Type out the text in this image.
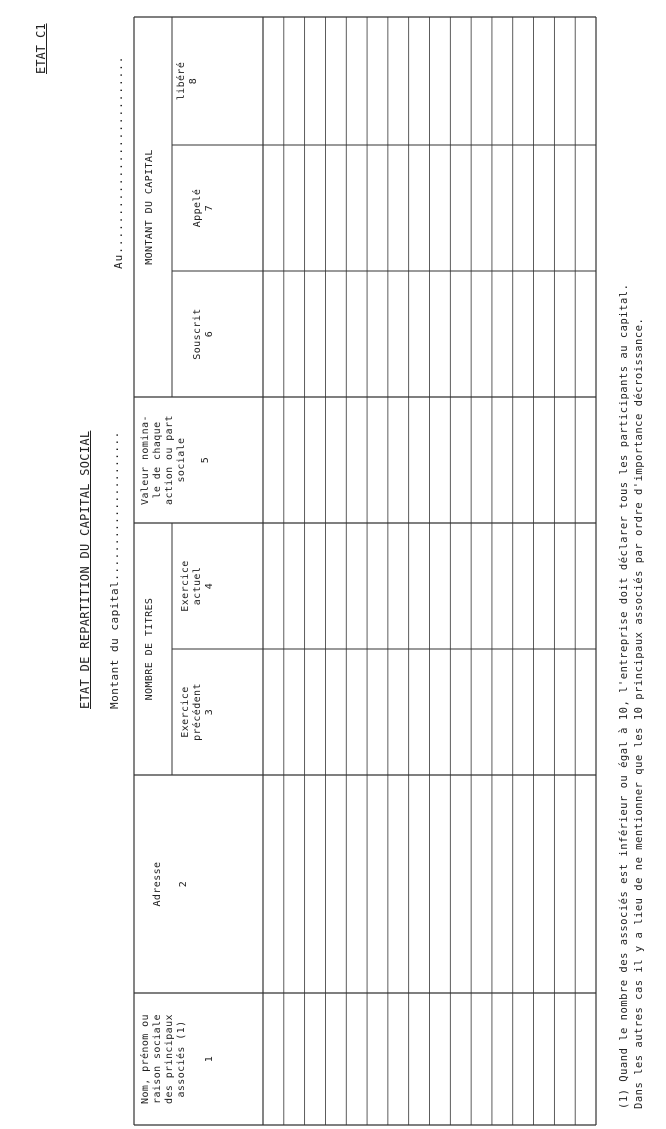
ETAT C1
Au..........................
ETAT DE REPARTITION DU CAPITAL SOCIAL Montant du capital.....................
Nom, prénom ou raison sociale des principaux associés (1) 1
Adresse 2
NOMBRE DE TITRES
Exercice précédent 3
Exercice actuel 4
Valeur nomina- le de chaque action ou part sociale 5
MONTANT DU CAPITAL
Souscrit 6
Appelé 7
libéré 8
(1) Quand le nombre des associés est inférieur ou égal à 10, l'entreprise doit déclarer tous les participants au capital. Dans les autres cas il y a lieu de ne mentionner que les 10 principaux associés par ordre d'importance décroissance.
